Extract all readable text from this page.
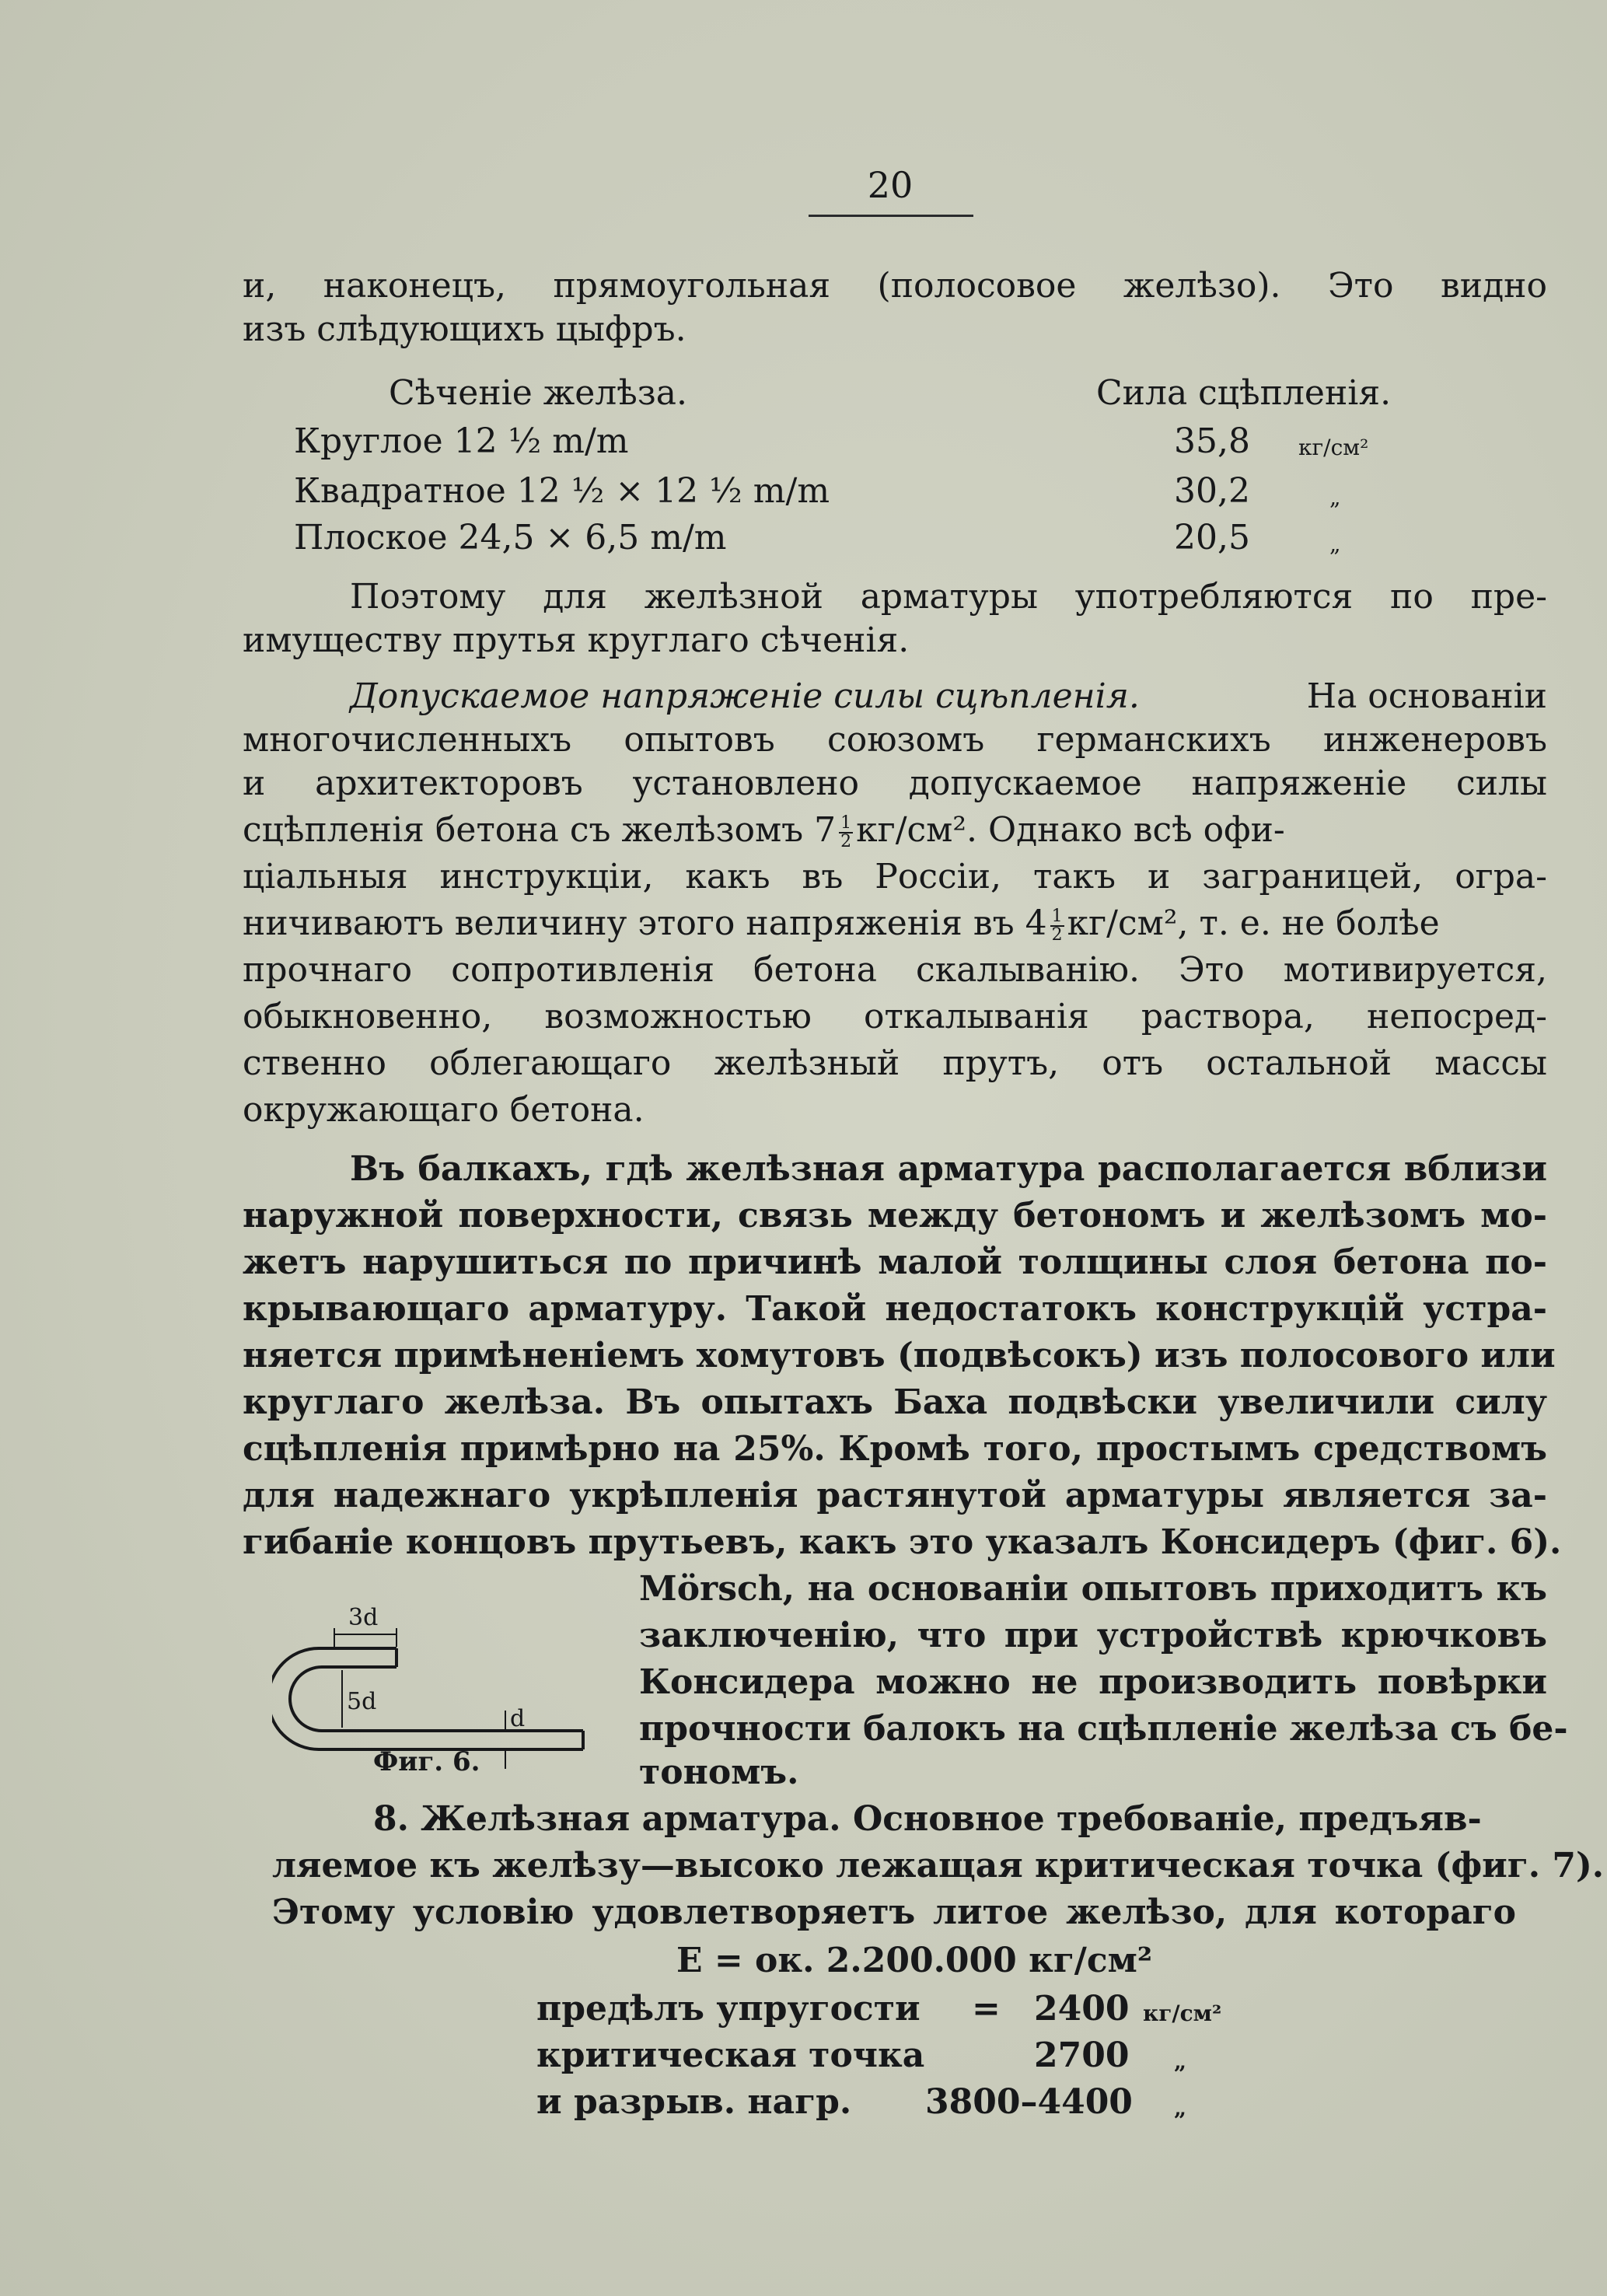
20
и, наконецъ, прямоугольная (полосовое желѣзо). Это видно
изъ слѣдующихъ цыфръ.
Сѣченіе желѣза.	Сила сцѣпленія.
Круглое 12 ½ m/m	35,8 кг/см²
Квадратное 12 ½ × 12 ½ m/m	30,2	„
Плоское 24,5 × 6,5 m/m	20,5	„
Поэтому для желѣзной арматуры употребляются по пре-
имуществу прутья круглаго сѣченія.
Допускаемое напряженіе силы сцѣпленія.	На основаніи
многочисленныхъ опытовъ союзомъ германскихъ инженеровъ
и архитекторовъ установлено допускаемое напряженіе силы
сцѣпленія бетона съ желѣзомъ $7 \frac{1}{2} кг/см^2$. Однако всѣ офи-
ціальныя инструкціи, какъ въ Россіи, такъ и заграницей, огра-
ничиваютъ величину этого напряженія въ $4 \frac{1}{2} кг/см^2$, т. е. не болѣе
прочнаго сопротивленія бетона скалыванію. Это мотивируется,
обыкновенно, возможностью откалыванія раствора, непосред-
ственно облегающаго желѣзный прутъ, отъ остальной массы
окружающаго бетона.
Въ балкахъ, гдѣ желѣзная арматура располагается вблизи
наружной поверхности, связь между бетономъ и желѣзомъ мо-
жетъ нарушиться по причинѣ малой толщины слоя бетона по-
крывающаго арматуру. Такой недостатокъ конструкцій устра-
няется примѣненіемъ хомутовъ (подвѣсокъ) изъ полосового или
круглаго желѣза. Въ опытахъ Баха подвѣски увеличили силу
сцѣпленія примѣрно на 25%. Кромѣ того, простымъ средствомъ
для надежнаго укрѣпленія растянутой арматуры является за-
гибаніе концовъ прутьевъ, какъ это указалъ Консидеръ (фиг. 6).
Mörsch, на основаніи опытовъ приходитъ къ
заключенію, что при устройствѣ крючковъ
Консидера можно не производить повѣрки
прочности балокъ на сцѣпленіе желѣза съ бе-
тономъ.
3d
5d
d
Фиг. 6.
8. Желѣзная арматура. Основное требованіе, предъяв-
ляемое къ желѣзу—высоко лежащая критическая точка (фиг. 7).
Этому условію удовлетворяетъ литое желѣзо, для котораго
E = ок. 2.200.000 кг/см²
предѣлъ упругости = 2400 кг/см²
критическая точка	2700 „
и разрыв. нагр. 3800–4400 „
